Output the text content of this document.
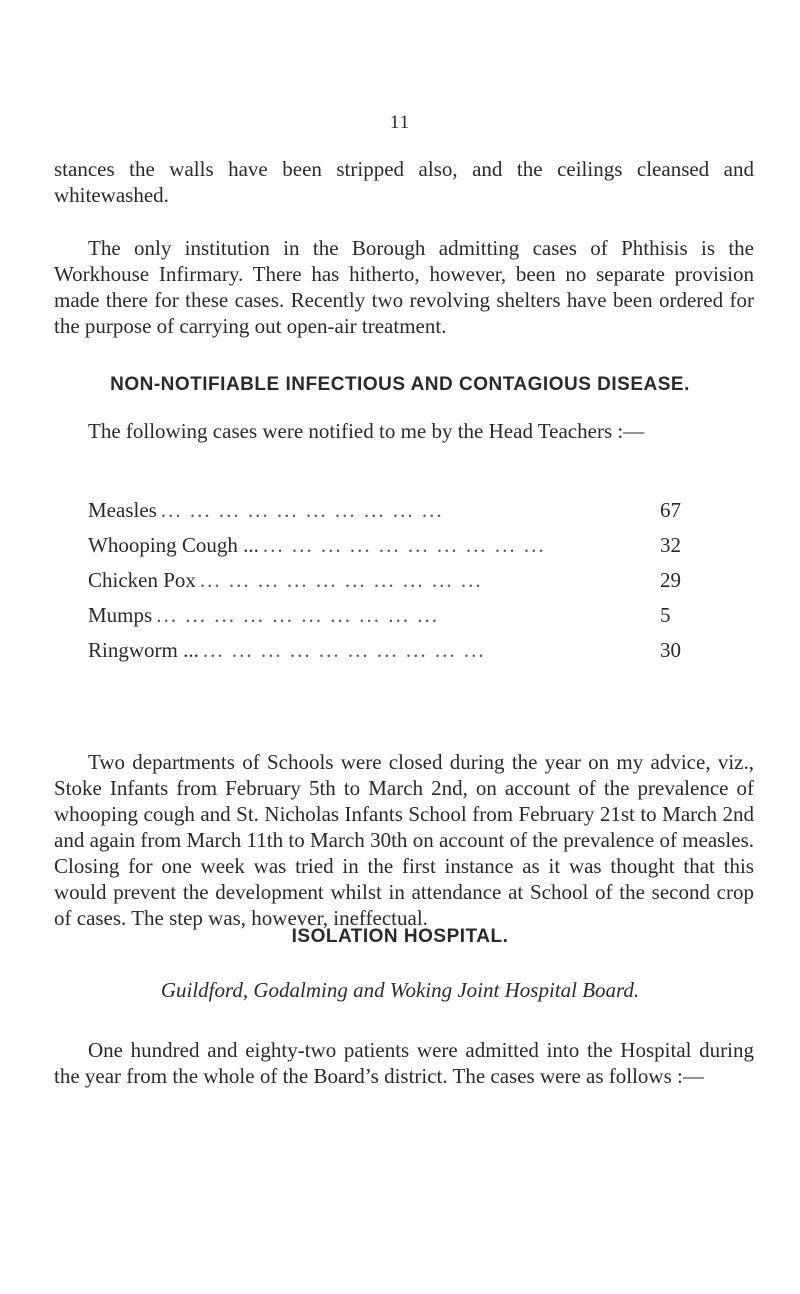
11

stances the walls have been stripped also, and the ceilings cleansed and whitewashed.

The only institution in the Borough admitting cases of Phthisis is the Workhouse Infirmary. There has hitherto, however, been no separate provision made there for these cases. Recently two revolving shelters have been ordered for the purpose of carrying out open-air treatment.

NON-NOTIFIABLE INFECTIOUS AND CONTAGIOUS DISEASE.

The following cases were notified to me by the Head Teachers :—

Measles ... ... ... ... ... ... ... ... ... ...	67
Whooping Cough ... ... ... ... ... ... ... ... ... ... ...	32
Chicken Pox ... ... ... ... ... ... ... ... ... ...	29
Mumps ... ... ... ... ... ... ... ... ... ...	5
Ringworm ... ... ... ... ... ... ... ... ... ... ...	30

Two departments of Schools were closed during the year on my advice, viz., Stoke Infants from February 5th to March 2nd, on account of the prevalence of whooping cough and St. Nicholas Infants School from February 21st to March 2nd and again from March 11th to March 30th on account of the prevalence of measles. Closing for one week was tried in the first instance as it was thought that this would prevent the development whilst in attendance at School of the second crop of cases. The step was, however, ineffectual.

ISOLATION HOSPITAL.
Guildford, Godalming and Woking Joint Hospital Board.

One hundred and eighty-two patients were admitted into the Hospital during the year from the whole of the Board’s district. The cases were as follows :—
